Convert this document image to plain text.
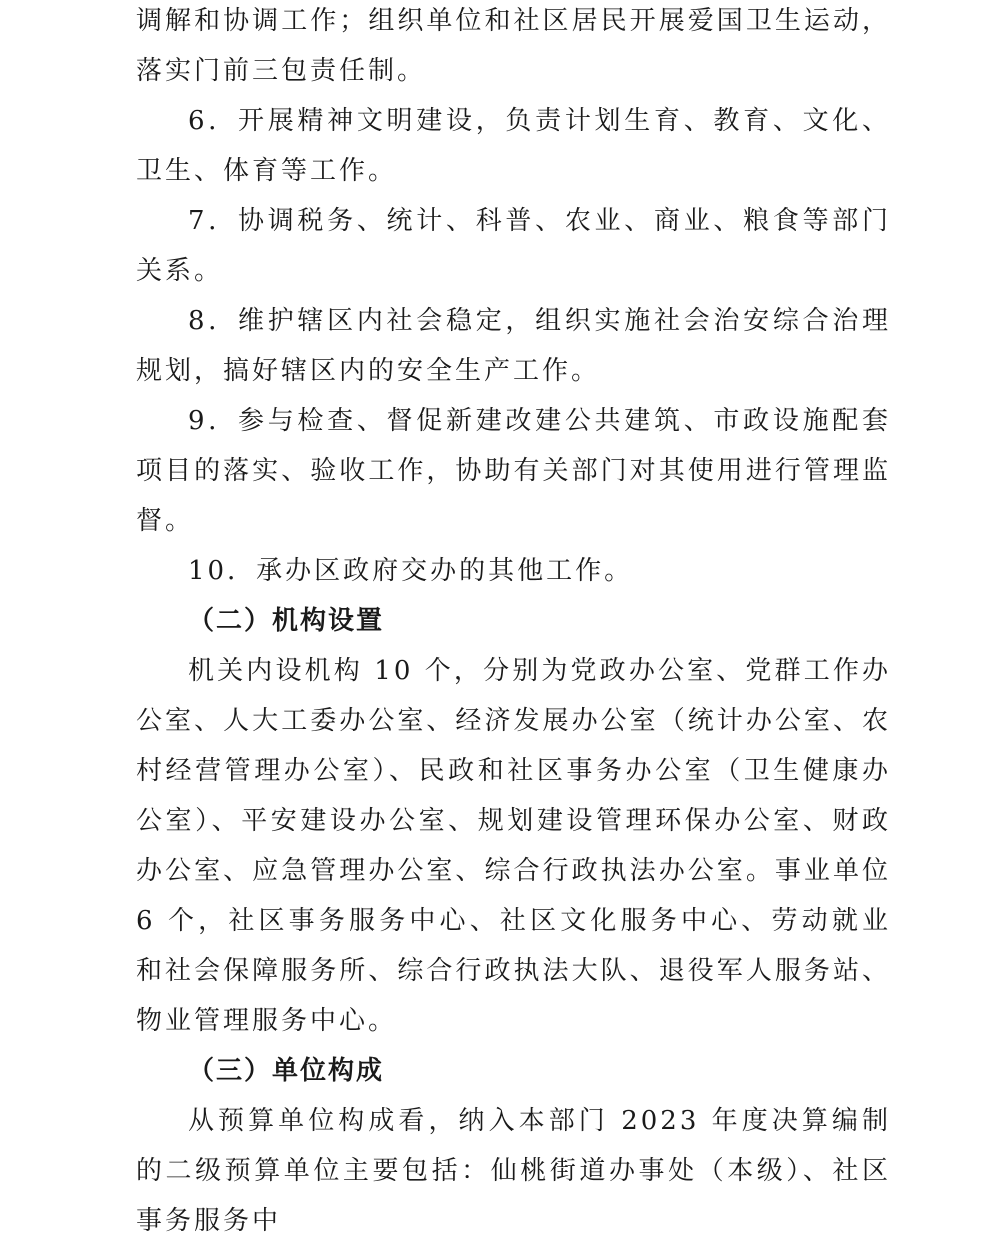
调解和协调工作；组织单位和社区居民开展爱国卫生运动，落实门前三包责任制。

6．开展精神文明建设，负责计划生育、教育、文化、卫生、体育等工作。

7．协调税务、统计、科普、农业、商业、粮食等部门关系。

8．维护辖区内社会稳定，组织实施社会治安综合治理规划，搞好辖区内的安全生产工作。

9．参与检查、督促新建改建公共建筑、市政设施配套项目的落实、验收工作，协助有关部门对其使用进行管理监督。

10．承办区政府交办的其他工作。

（二）机构设置

机关内设机构 10 个，分别为党政办公室、党群工作办公室、人大工委办公室、经济发展办公室（统计办公室、农村经营管理办公室）、民政和社区事务办公室（卫生健康办公室）、平安建设办公室、规划建设管理环保办公室、财政办公室、应急管理办公室、综合行政执法办公室。事业单位 6 个，社区事务服务中心、社区文化服务中心、劳动就业和社会保障服务所、综合行政执法大队、退役军人服务站、物业管理服务中心。

（三）单位构成

从预算单位构成看，纳入本部门 2023 年度决算编制的二级预算单位主要包括：仙桃街道办事处（本级）、社区事务服务中
